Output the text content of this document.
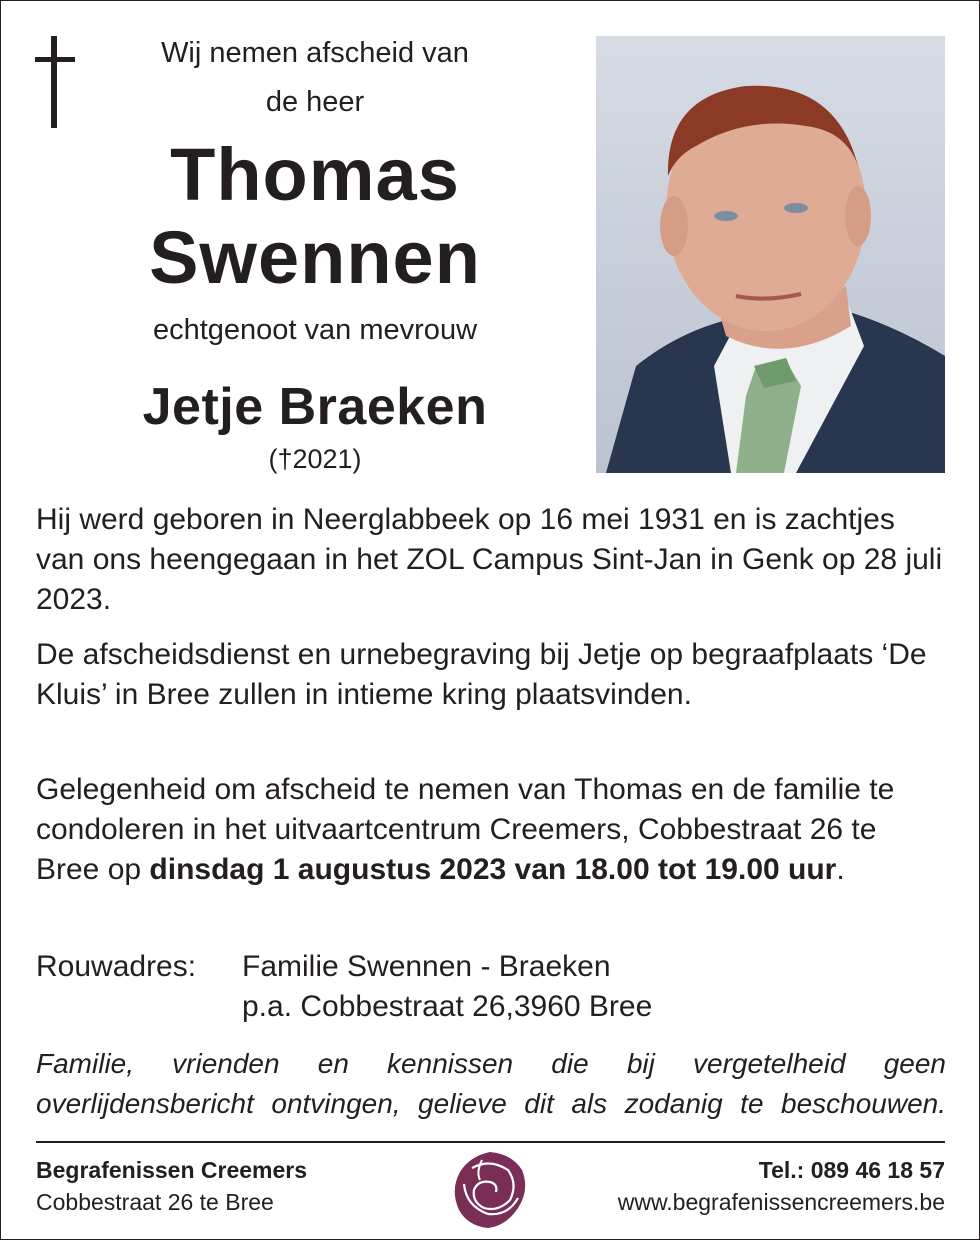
Wij nemen afscheid van
de heer
Thomas
Swennen
echtgenoot van mevrouw
Jetje Braeken
(†2021)

Hij werd geboren in Neerglabbeek op 16 mei 1931 en is zachtjes van ons heengegaan in het ZOL Campus Sint-Jan in Genk op 28 juli 2023.

De afscheidsdienst en urnebegraving bij Jetje op begraafplaats ‘De Kluis’ in Bree zullen in intieme kring plaatsvinden.

Gelegenheid om afscheid te nemen van Thomas en de familie te condoleren in het uitvaartcentrum Creemers, Cobbestraat 26 te Bree op dinsdag 1 augustus 2023 van 18.00 tot 19.00 uur.

Rouwadres: Familie Swennen - Braeken
p.a. Cobbestraat 26,3960 Bree
Familie, vrienden en kennissen die bij vergetelheid geen overlijdensbericht ontvingen, gelieve dit als zodanig te beschouwen.
Begrafenissen Creemers
Cobbestraat 26 te Bree
Tel.: 089 46 18 57
www.begrafenissencreemers.be
